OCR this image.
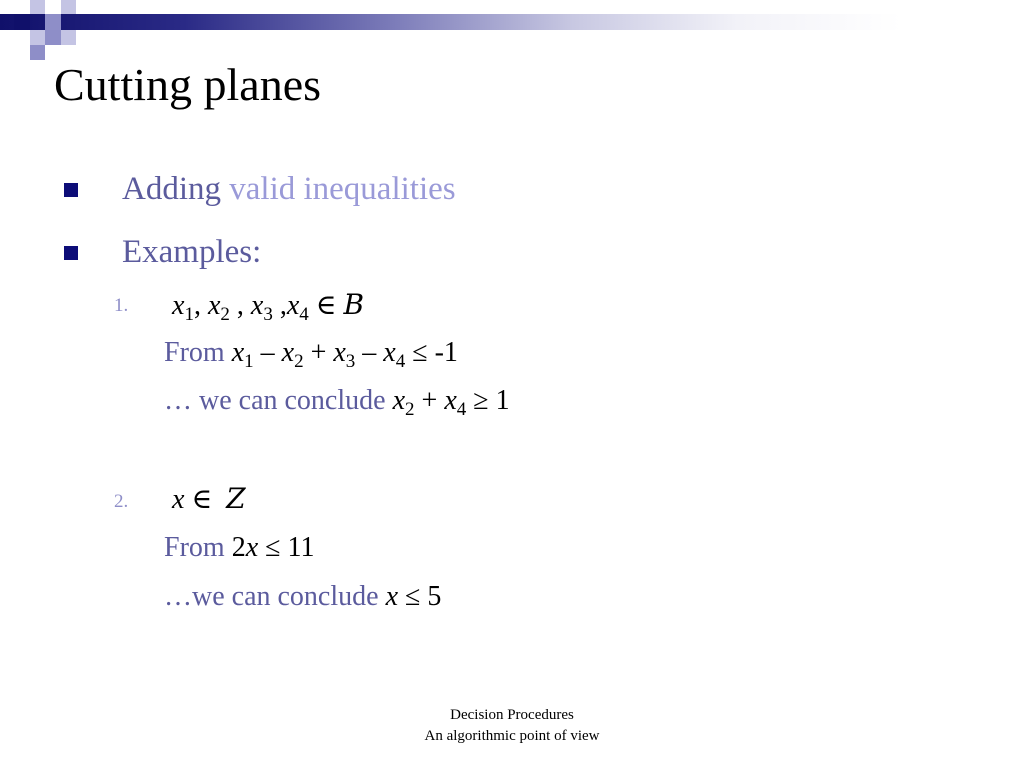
Cutting planes
Adding valid inequalities
Examples:
1. $x_1$, $x_2$ , $x_3$ $,x_4$ ∈ B
From $x_1 - x_2 + x_3 - x_4 \le -1$
… we can conclude $x_2 + x_4 \ge 1$
2. x ∈ Z
From 2x ≤ 11
…we can conclude x ≤ 5
Decision Procedures
An algorithmic point of view
